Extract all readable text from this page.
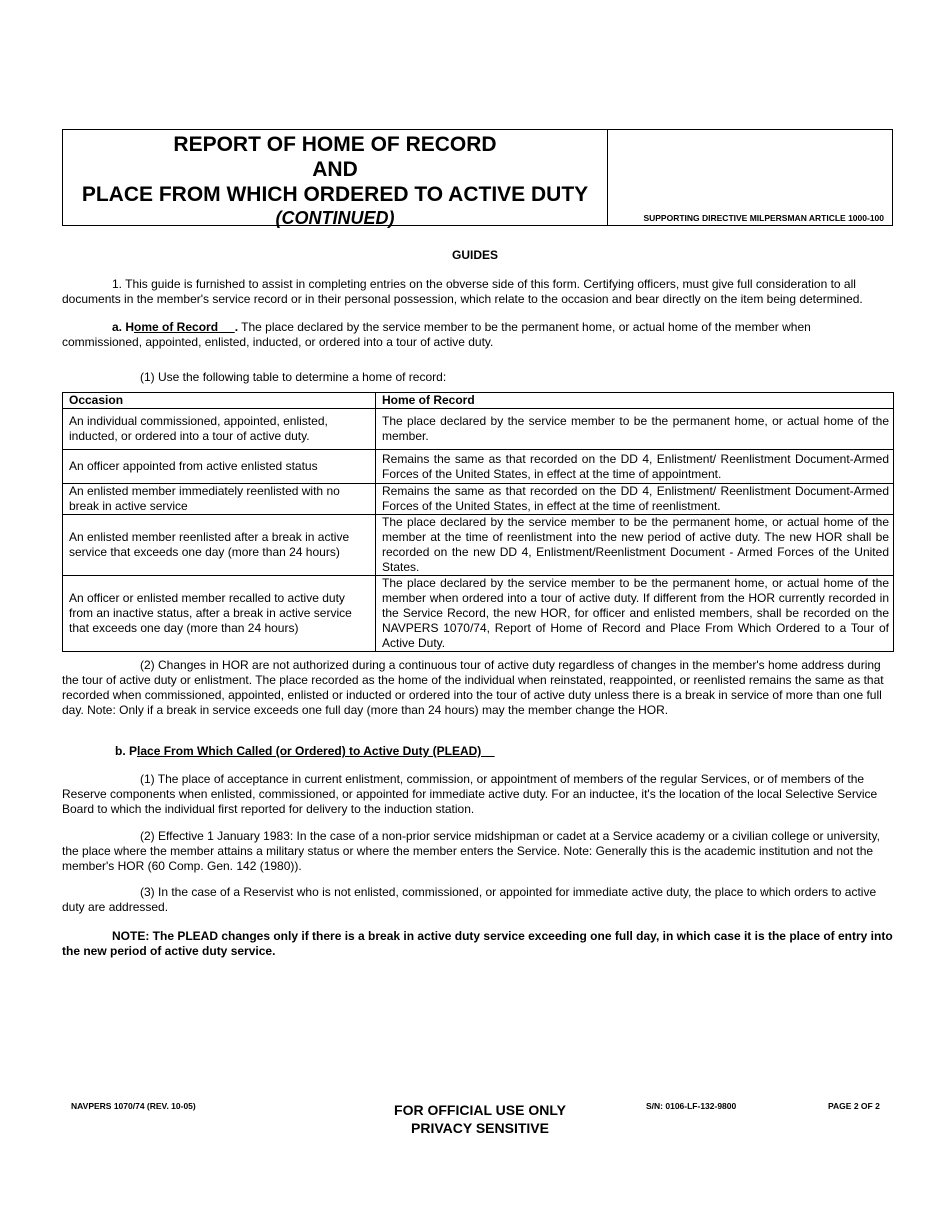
REPORT OF HOME OF RECORD
AND
PLACE FROM WHICH ORDERED TO ACTIVE DUTY
(CONTINUED)	SUPPORTING DIRECTIVE MILPERSMAN ARTICLE 1000-100
GUIDES
1. This guide is furnished to assist in completing entries on the obverse side of this form. Certifying officers, must give full consideration to all documents in the member's service record or in their personal possession, which relate to the occasion and bear directly on the item being determined.
a. Home of Record     . The place declared by the service member to be the permanent home, or actual home of the member when commissioned, appointed, enlisted, inducted, or ordered into a tour of active duty.
(1) Use the following table to determine a home of record:
Occasion	Home of Record
An individual commissioned, appointed, enlisted, inducted, or ordered into a tour of active duty.	The place declared by the service member to be the permanent home, or actual home of the member.
An officer appointed from active enlisted status	Remains the same as that recorded on the DD 4, Enlistment/ Reenlistment Document-Armed Forces of the United States, in effect at the time of appointment.
An enlisted member immediately reenlisted with no break in active service	Remains the same as that recorded on the DD 4, Enlistment/ Reenlistment Document-Armed Forces of the United States, in effect at the time of reenlistment.
An enlisted member reenlisted after a break in active service that exceeds one day (more than 24 hours)	The place declared by the service member to be the permanent home, or actual home of the member at the time of reenlistment into the new period of active duty. The new HOR shall be recorded on the new DD 4, Enlistment/Reenlistment Document - Armed Forces of the United States.
An officer or enlisted member recalled to active duty from an inactive status, after a break in active service that exceeds one day (more than 24 hours)	The place declared by the service member to be the permanent home, or actual home of the member when ordered into a tour of active duty. If different from the HOR currently recorded in the Service Record, the new HOR, for officer and enlisted members, shall be recorded on the NAVPERS 1070/74, Report of Home of Record and Place From Which Ordered to a Tour of Active Duty.
(2) Changes in HOR are not authorized during a continuous tour of active duty regardless of changes in the member's home address during the tour of active duty or enlistment. The place recorded as the home of the individual when reinstated, reappointed, or reenlisted remains the same as that recorded when commissioned, appointed, enlisted or inducted or ordered into the tour of active duty unless there is a break in service of more than one full day. Note: Only if a break in service exceeds one full day (more than 24 hours) may the member change the HOR.
b. Place From Which Called (or Ordered) to Active Duty (PLEAD)
(1) The place of acceptance in current enlistment, commission, or appointment of members of the regular Services, or of members of the Reserve components when enlisted, commissioned, or appointed for immediate active duty. For an inductee, it's the location of the local Selective Service Board to which the individual first reported for delivery to the induction station.
(2) Effective 1 January 1983: In the case of a non-prior service midshipman or cadet at a Service academy or a civilian college or university, the place where the member attains a military status or where the member enters the Service. Note: Generally this is the academic institution and not the member's HOR (60 Comp. Gen. 142 (1980)).
(3) In the case of a Reservist who is not enlisted, commissioned, or appointed for immediate active duty, the place to which orders to active duty are addressed.
NOTE: The PLEAD changes only if there is a break in active duty service exceeding one full day, in which case it is the place of entry into the new period of active duty service.
NAVPERS 1070/74 (REV. 10-05)	FOR OFFICIAL USE ONLY
PRIVACY SENSITIVE
S/N: 0106-LF-132-9800	PAGE 2 OF 2
